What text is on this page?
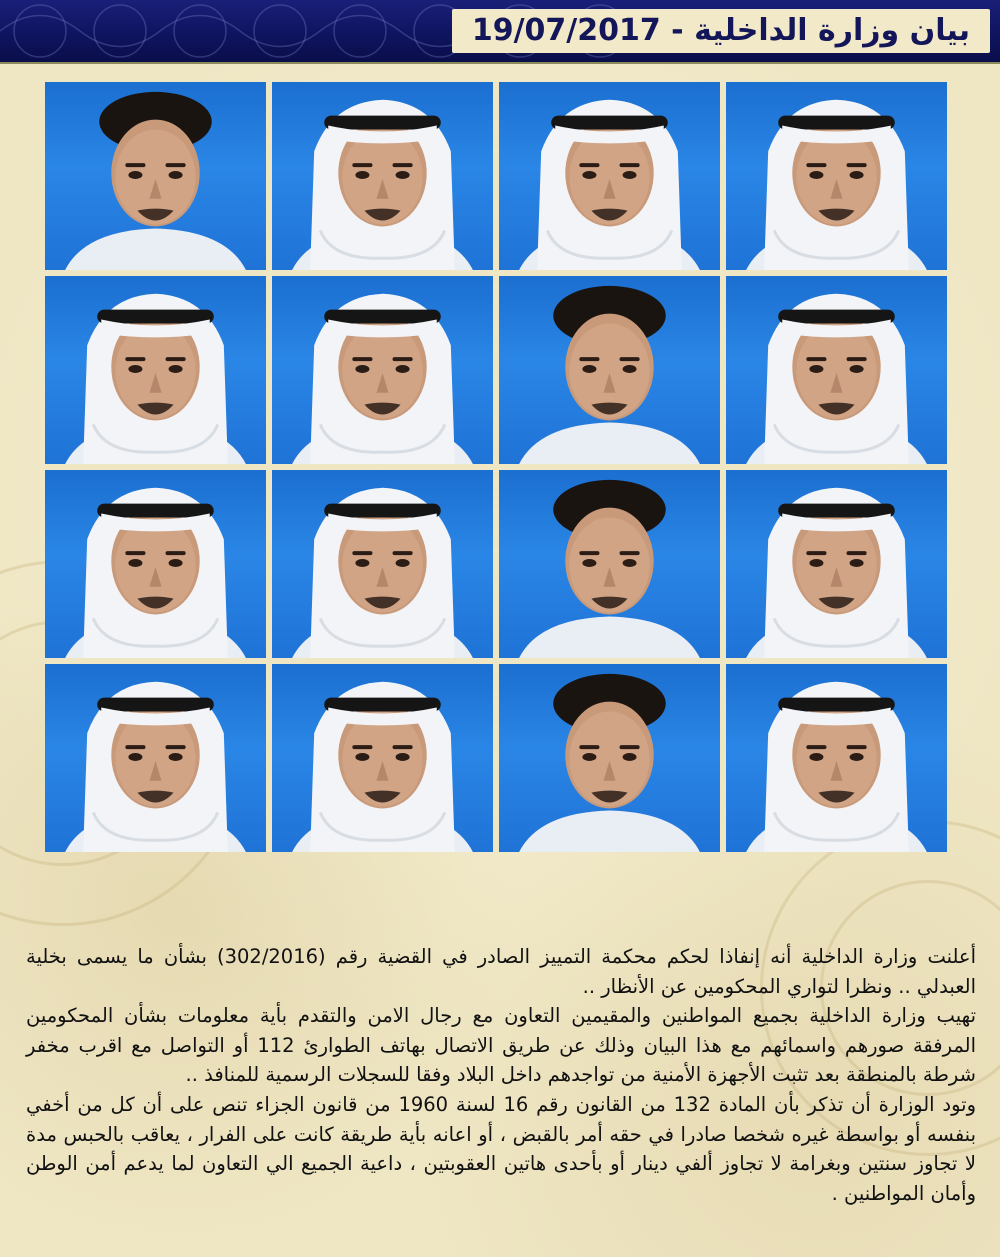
بيان وزارة الداخلية - 19/07/2017

أعلنت وزارة الداخلية أنه إنفاذا لحكم محكمة التمييز الصادر في القضية رقم (302/2016) بشأن ما يسمى بخلية العبدلي .. ونظرا لتواري المحكومين عن الأنظار ..

تهيب وزارة الداخلية بجميع المواطنين والمقيمين التعاون مع رجال الامن والتقدم بأية معلومات بشأن المحكومين المرفقة صورهم واسمائهم مع هذا البيان وذلك عن طريق الاتصال بهاتف الطوارئ 112 أو التواصل مع اقرب مخفر شرطة بالمنطقة بعد تثبت الأجهزة الأمنية من تواجدهم داخل البلاد وفقا للسجلات الرسمية للمنافذ ..

وتود الوزارة أن تذكر بأن المادة 132 من القانون رقم 16 لسنة 1960 من قانون الجزاء تنص على أن كل من أخفي بنفسه أو بواسطة غيره شخصا صادرا في حقه أمر بالقبض ، أو اعانه بأية طريقة كانت على الفرار ، يعاقب بالحبس مدة لا تجاوز سنتين وبغرامة لا تجاوز ألفي دينار أو بأحدى هاتين العقوبتين ، داعية الجميع الي التعاون لما يدعم أمن الوطن وأمان المواطنين .
